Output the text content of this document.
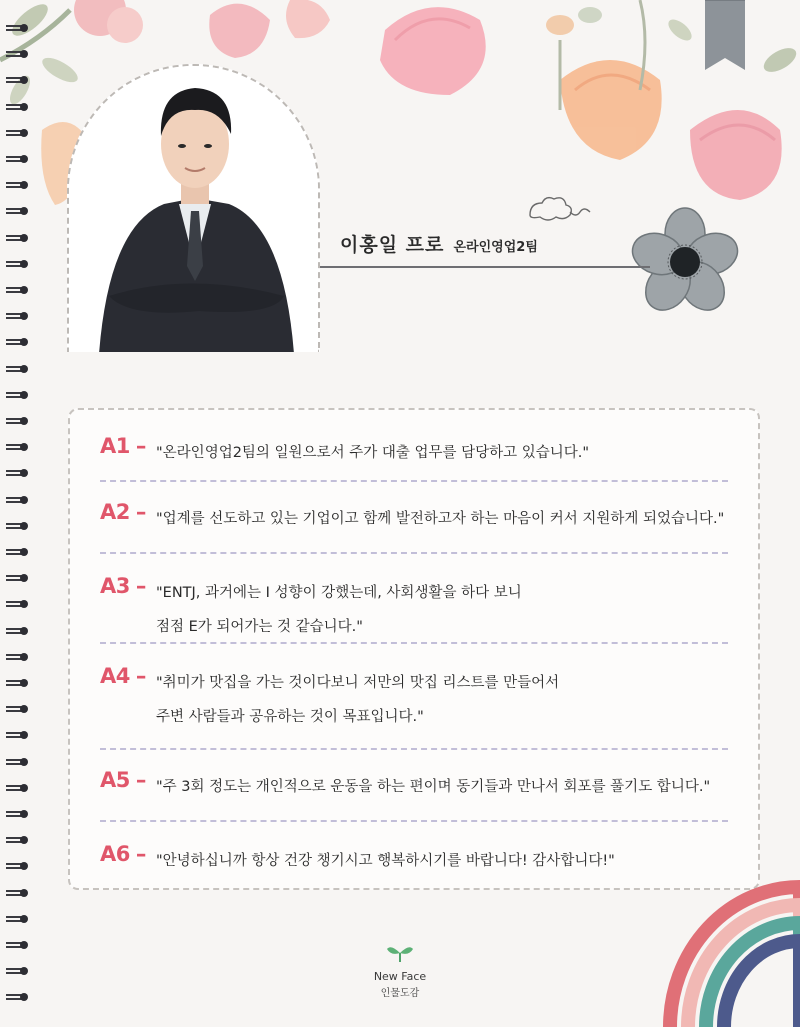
이홍일 프로 온라인영업2팀
A1 – "온라인영업2팀의 일원으로서 주가 대출 업무를 담당하고 있습니다."
A2 – "업계를 선도하고 있는 기업이고 함께 발전하고자 하는 마음이 커서 지원하게 되었습니다."
A3 – "ENTJ, 과거에는 I 성향이 강했는데, 사회생활을 하다 보니
점점 E가 되어가는 것 같습니다."
A4 – "취미가 맛집을 가는 것이다보니 저만의 맛집 리스트를 만들어서
주변 사람들과 공유하는 것이 목표입니다."
A5 – "주 3회 정도는 개인적으로 운동을 하는 편이며 동기들과 만나서 회포를 풀기도 합니다."
A6 – "안녕하십니까 항상 건강 챙기시고 행복하시기를 바랍니다! 감사합니다!"
New Face
인물도감
